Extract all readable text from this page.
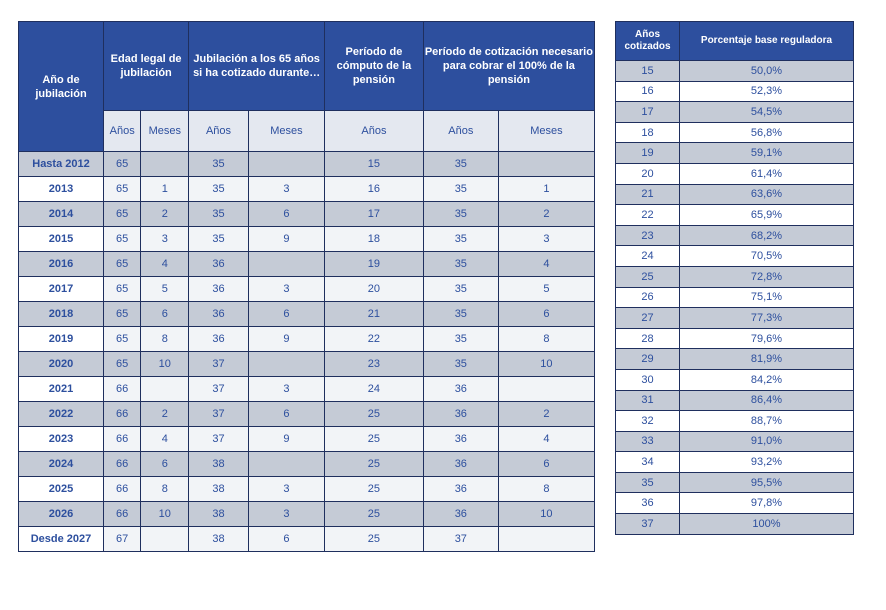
Año de jubilación	Edad legal de jubilación		Jubilación a los 65 años si ha cotizado durante…		Período de cómputo de la pensión	Período de cotización necesario para cobrar el 100% de la pensión	
	Años	Meses	Años	Meses	Años	Años	Meses
Hasta 2012	65		35		15	35	
2013	65	1	35	3	16	35	1
2014	65	2	35	6	17	35	2
2015	65	3	35	9	18	35	3
2016	65	4	36		19	35	4
2017	65	5	36	3	20	35	5
2018	65	6	36	6	21	35	6
2019	65	8	36	9	22	35	8
2020	65	10	37		23	35	10
2021	66		37	3	24	36	
2022	66	2	37	6	25	36	2
2023	66	4	37	9	25	36	4
2024	66	6	38		25	36	6
2025	66	8	38	3	25	36	8
2026	66	10	38	3	25	36	10
Desde 2027	67		38	6	25	37	
Años cotizados	Porcentaje base reguladora
15	50,0%
16	52,3%
17	54,5%
18	56,8%
19	59,1%
20	61,4%
21	63,6%
22	65,9%
23	68,2%
24	70,5%
25	72,8%
26	75,1%
27	77,3%
28	79,6%
29	81,9%
30	84,2%
31	86,4%
32	88,7%
33	91,0%
34	93,2%
35	95,5%
36	97,8%
37	100%
